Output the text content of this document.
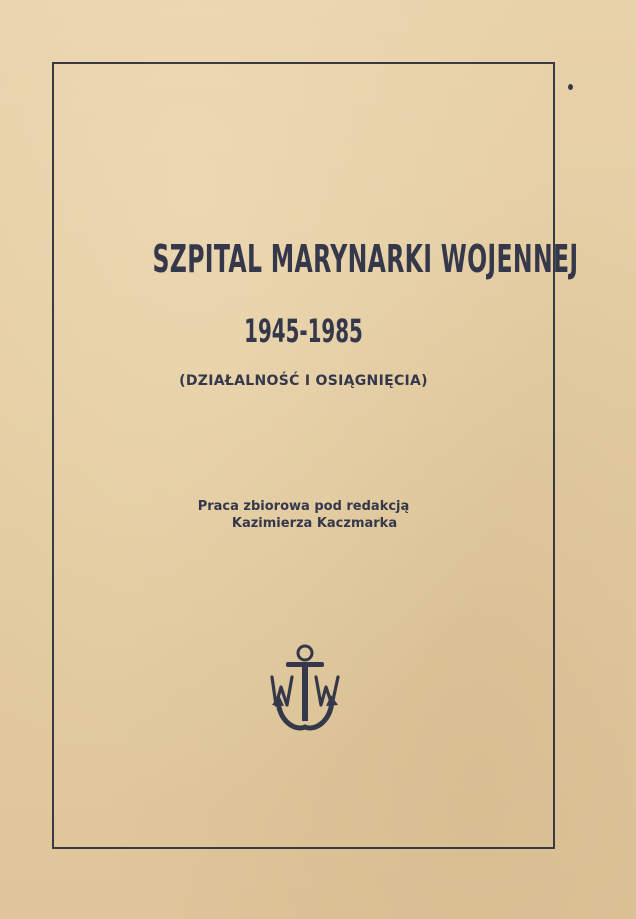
SZPITAL MARYNARKI WOJENNEJ
1945-1985
(DZIAŁALNOŚĆ I OSIĄGNIĘCIA)
Praca zbiorowa pod redakcją
Kazimierza Kaczmarka
